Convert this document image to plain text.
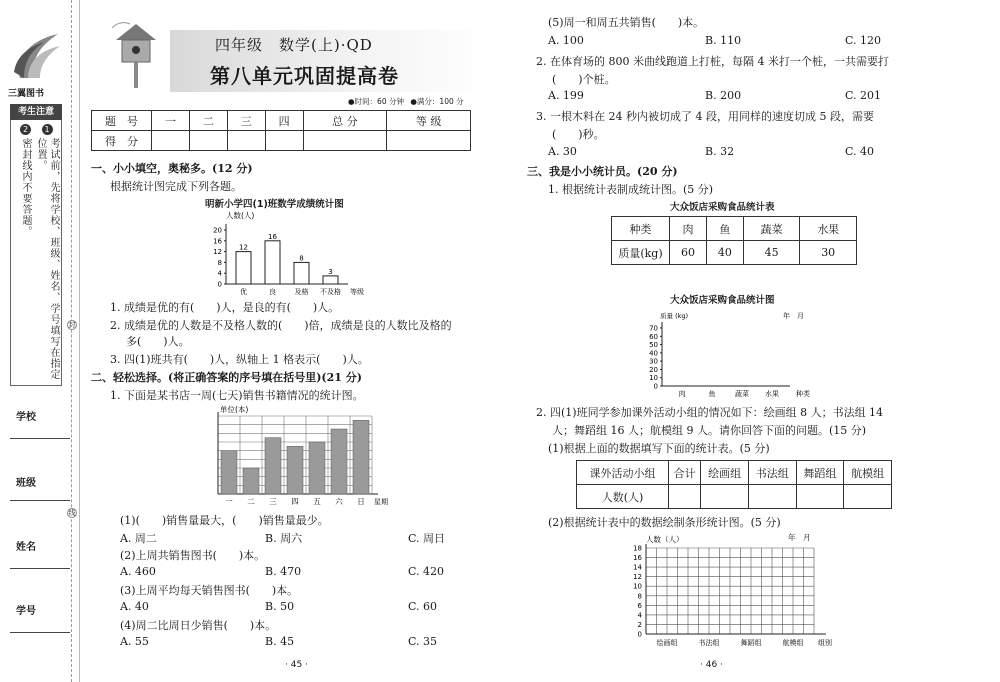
三翼图书
考生注意
1
考试前，先将学校、班级、姓名、学号填写在指定位置。
2
密封线内不要答题。
学校
班级
姓名
学号
封
线
四年级　数学(上)·QD
第八单元巩固提高卷
●时间：60 分钟 ●满分：100 分
题　号	一	二	三	四	总 分	等 级
得　分						
一、小小填空，奥秘多。(12 分)
根据统计图完成下列各题。
明新小学四(1)班数学成绩统计图
人数(人)
0
4
8
12
16
20
12
优
16
良
8
及格
3
不及格 等级
1. 成绩是优的有(　　)人，是良的有(　　)人。
2. 成绩是优的人数是不及格人数的(　　)倍，成绩是良的人数比及格的
多(　　)人。
3. 四(1)班共有(　　)人，纵轴上 1 格表示(　　)人。
二、轻松选择。(将正确答案的序号填在括号里)(21 分)
1. 下面是某书店一周(七天)销售书籍情况的统计图。
单位(本)
一 二 三 四 五 六 日 星期
(1)(　　)销售量最大，(　　)销售量最少。
A. 周二	B. 周六	C. 周日
(2)上周共销售图书(　　)本。
A. 460	B. 470	C. 420
(3)上周平均每天销售图书(　　)本。
A. 40	B. 50	C. 60
(4)周二比周日少销售(　　)本。
A. 55	B. 45	C. 35
· 45 ·
(5)周一和周五共销售(　　)本。
A. 100	B. 110	C. 120
2. 在体育场的 800 米曲线跑道上打桩，每隔 4 米打一个桩，一共需要打
(　　)个桩。
A. 199	B. 200	C. 201
3. 一根木料在 24 秒内被切成了 4 段，用同样的速度切成 5 段，需要
(　　)秒。
A. 30	B. 32	C. 40
三、我是小小统计员。(20 分)
1. 根据统计表制成统计图。(5 分)
大众饭店采购食品统计表
种类	肉	鱼	蔬菜	水果
质量(kg)	60	40	45	30
大众饭店采购食品统计图
质量 (kg)	年　月
0
10
20
30
40
50
60
70
肉	鱼	蔬菜 水果 种类
2. 四(1)班同学参加课外活动小组的情况如下：绘画组 8 人；书法组 14
人；舞蹈组 16 人；航模组 9 人。请你回答下面的问题。(15 分)
(1)根据上面的数据填写下面的统计表。(5 分)
课外活动小组	合计	绘画组	书法组	舞蹈组	航模组
人数(人)					
(2)根据统计表中的数据绘制条形统计图。(5 分)
人数（人）	年　月
0
2
4
6
8
10
12
14
16
18
绘画组	书法组	舞蹈组	航模组 组别
· 46 ·
